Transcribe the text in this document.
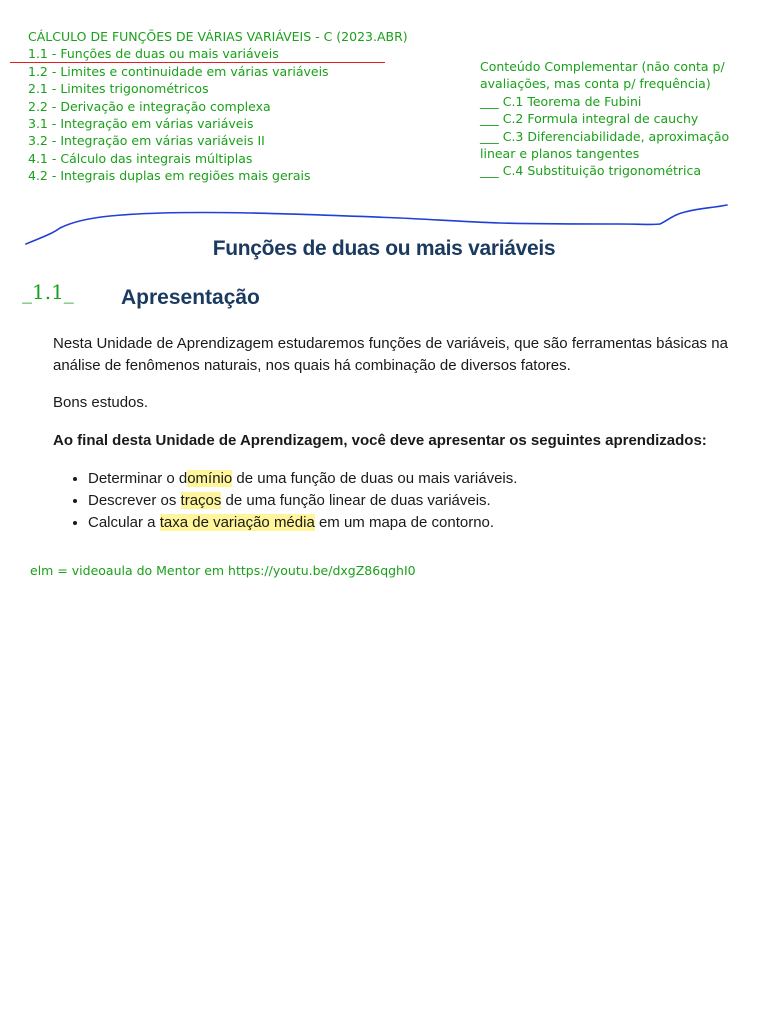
CÁLCULO DE FUNÇÕES DE VÁRIAS VARIÁVEIS - C (2023.ABR)
1.1 - Funções de duas ou mais variáveis
1.2 - Limites e continuidade em várias variáveis
2.1 - Limites trigonométricos
2.2 - Derivação e integração complexa
3.1 - Integração em várias variáveis
3.2 - Integração em várias variáveis II
4.1 - Cálculo das integrais múltiplas
4.2 - Integrais duplas em regiões mais gerais
Conteúdo Complementar (não conta p/
avaliações, mas conta p/ frequência)
___ C.1 Teorema de Fubini
___ C.2 Formula integral de cauchy
___ C.3 Diferenciabilidade, aproximação
linear e planos tangentes
___ C.4 Substituição trigonométrica
Funções de duas ou mais variáveis
_1.1_ Apresentação
Nesta Unidade de Aprendizagem estudaremos funções de variáveis, que são ferramentas básicas na análise de fenômenos naturais, nos quais há combinação de diversos fatores.
Bons estudos.
Ao final desta Unidade de Aprendizagem, você deve apresentar os seguintes aprendizados:
• Determinar o domínio de uma função de duas ou mais variáveis.
• Descrever os traços de uma função linear de duas variáveis.
• Calcular a taxa de variação média em um mapa de contorno.
elm = videoaula do Mentor em https://youtu.be/dxgZ86qghI0
